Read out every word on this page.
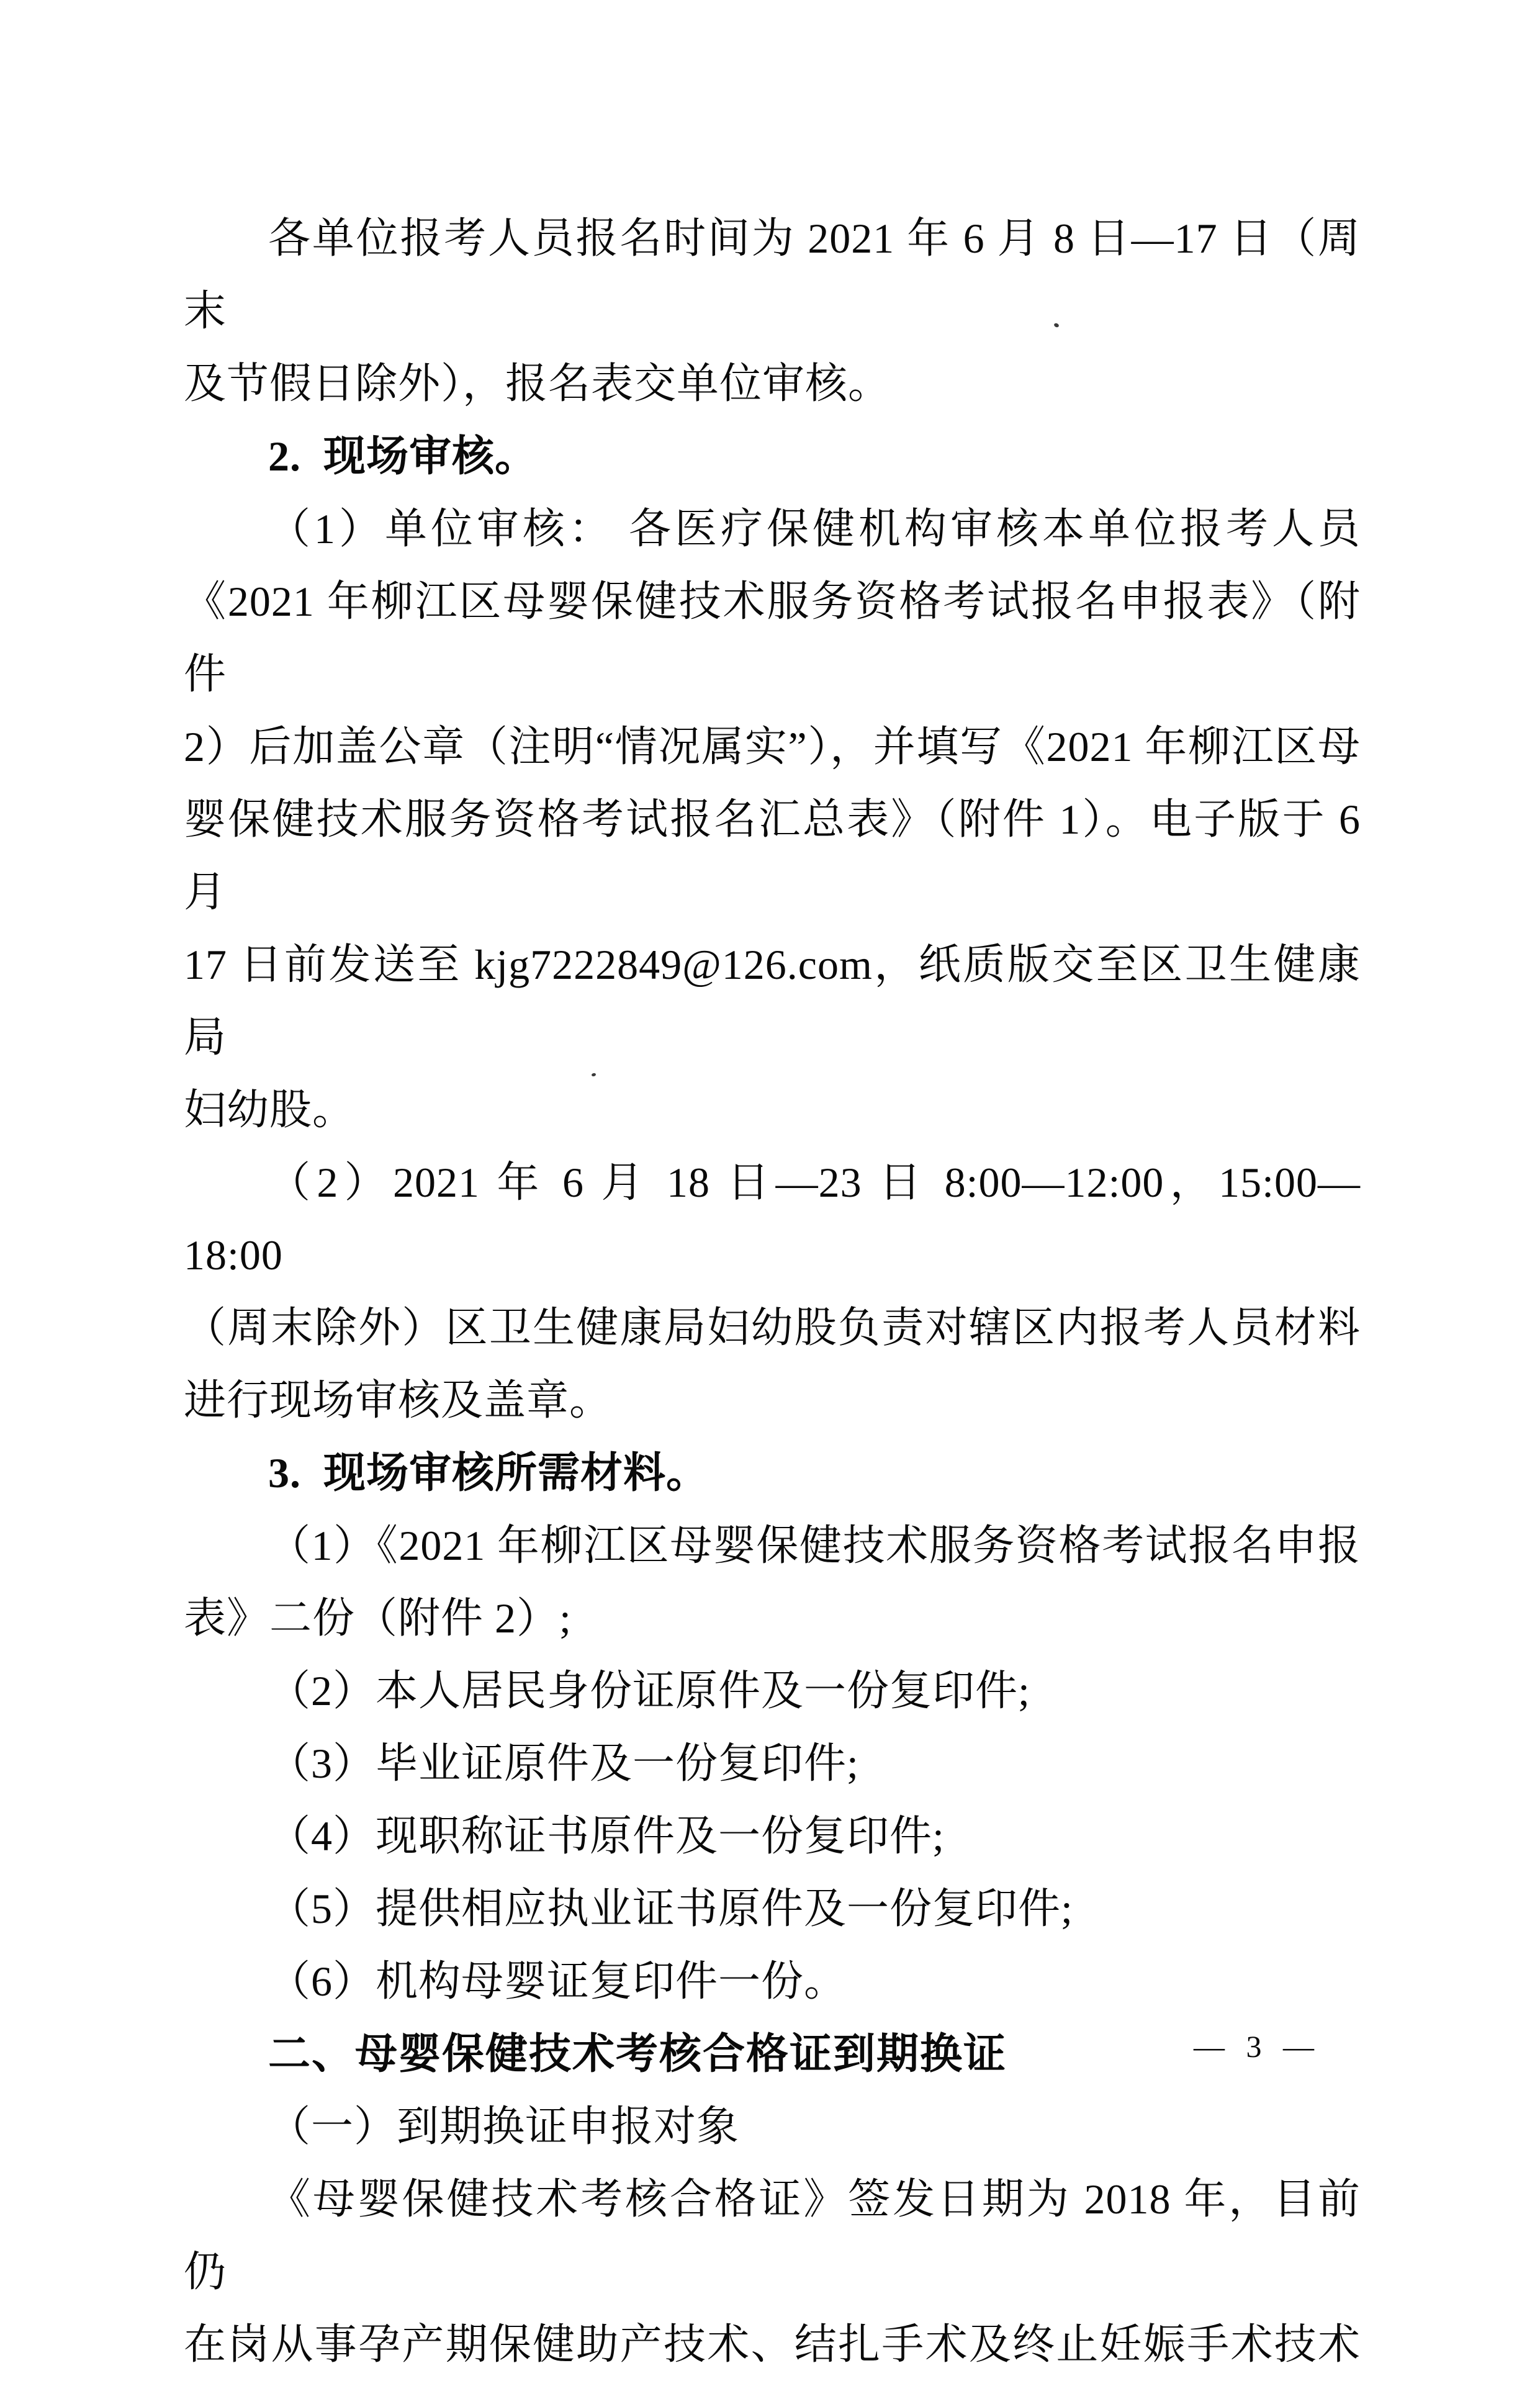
各单位报考人员报名时间为 2021 年 6 月 8 日—17 日（周末
及节假日除外），报名表交单位审核。
2.  现场审核。
（1）单位审核： 各医疗保健机构审核本单位报考人员
《2021 年柳江区母婴保健技术服务资格考试报名申报表》（附件
2）后加盖公章（注明“情况属实”），并填写《2021 年柳江区母
婴保健技术服务资格考试报名汇总表》（附件 1）。电子版于 6 月
17 日前发送至 kjg7222849@126.com，纸质版交至区卫生健康局
妇幼股。
（2）2021 年 6 月 18 日—23 日 8:00—12:00，15:00—18:00
（周末除外）区卫生健康局妇幼股负责对辖区内报考人员材料
进行现场审核及盖章。
3.  现场审核所需材料。
（1）《2021 年柳江区母婴保健技术服务资格考试报名申报
表》二份（附件 2）;
（2）本人居民身份证原件及一份复印件;
（3）毕业证原件及一份复印件;
（4）现职称证书原件及一份复印件;
（5）提供相应执业证书原件及一份复印件;
（6）机构母婴证复印件一份。
二、母婴保健技术考核合格证到期换证
（一）到期换证申报对象
《母婴保健技术考核合格证》签发日期为 2018 年，目前仍
在岗从事孕产期保健助产技术、结扎手术及终止妊娠手术技术
— 3 —
